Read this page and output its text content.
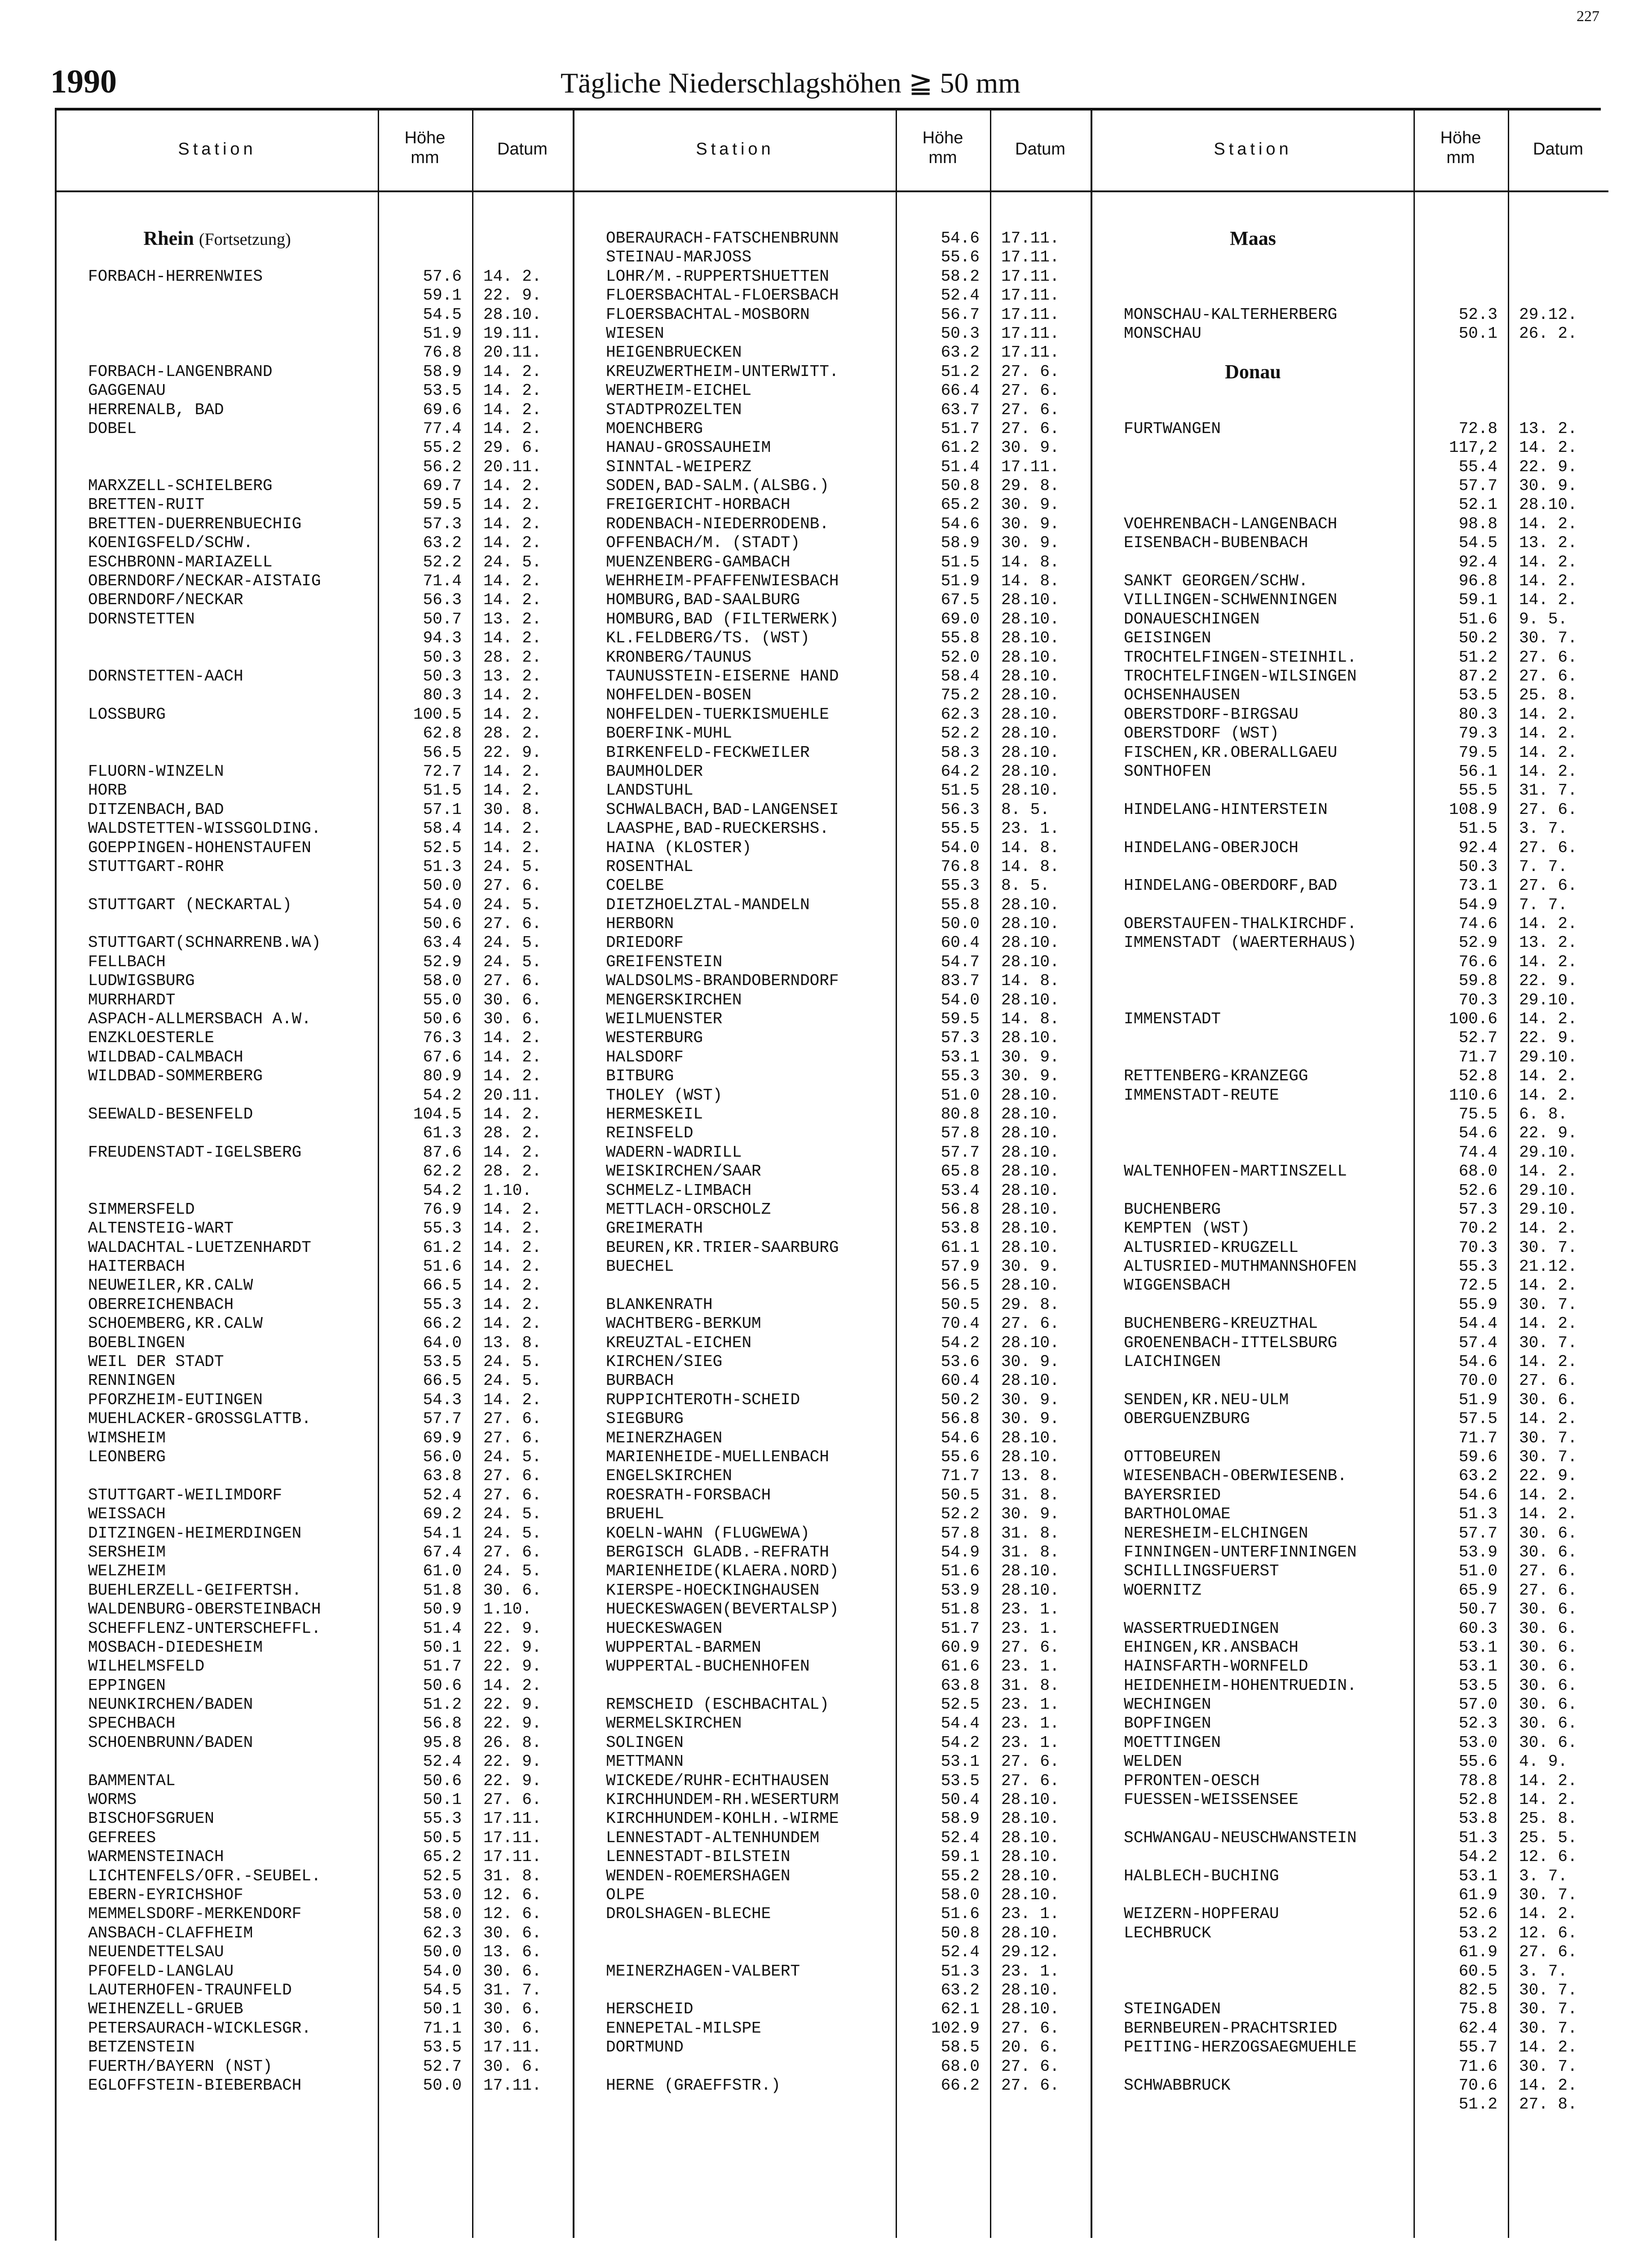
227
1990	Tägliche Niederschlagshöhen ≧ 50 mm
Station
Höhe
mm	Datum
Rhein (Fortsetzung)
FORBACH-HERRENWIES	57.6 14. 2.
59.1 22. 9.
54.5 28.10.
51.9 19.11.
76.8 20.11.
FORBACH-LANGENBRAND	58.9 14. 2.
GAGGENAU	53.5 14. 2.
HERRENALB, BAD	69.6 14. 2.
DOBEL	77.4 14. 2.
55.2 29. 6.
56.2 20.11.
MARXZELL-SCHIELBERG	69.7 14. 2.
BRETTEN-RUIT	59.5 14. 2.
BRETTEN-DUERRENBUECHIG	57.3 14. 2.
KOENIGSFELD/SCHW.	63.2 14. 2.
ESCHBRONN-MARIAZELL	52.2 24. 5.
OBERNDORF/NECKAR-AISTAIG	71.4 14. 2.
OBERNDORF/NECKAR	56.3 14. 2.
DORNSTETTEN	50.7 13. 2.
94.3 14. 2.
50.3 28. 2.
DORNSTETTEN-AACH	50.3 13. 2.
80.3 14. 2.
LOSSBURG	100.5 14. 2.
62.8 28. 2.
56.5 22. 9.
FLUORN-WINZELN	72.7 14. 2.
HORB	51.5 14. 2.
DITZENBACH,BAD	57.1 30. 8.
WALDSTETTEN-WISSGOLDING.	58.4 14. 2.
GOEPPINGEN-HOHENSTAUFEN	52.5 14. 2.
STUTTGART-ROHR	51.3 24. 5.
50.0 27. 6.
STUTTGART (NECKARTAL)	54.0 24. 5.
50.6 27. 6.
STUTTGART(SCHNARRENB.WA)	63.4 24. 5.
FELLBACH	52.9 24. 5.
LUDWIGSBURG	58.0 27. 6.
MURRHARDT	55.0 30. 6.
ASPACH-ALLMERSBACH A.W.	50.6 30. 6.
ENZKLOESTERLE	76.3 14. 2.
WILDBAD-CALMBACH	67.6 14. 2.
WILDBAD-SOMMERBERG	80.9 14. 2.
54.2 20.11.
SEEWALD-BESENFELD	104.5 14. 2.
61.3 28. 2.
FREUDENSTADT-IGELSBERG	87.6 14. 2.
62.2 28. 2.
54.2 1.10.
SIMMERSFELD	76.9 14. 2.
ALTENSTEIG-WART	55.3 14. 2.
WALDACHTAL-LUETZENHARDT	61.2 14. 2.
HAITERBACH	51.6 14. 2.
NEUWEILER,KR.CALW	66.5 14. 2.
OBERREICHENBACH	55.3 14. 2.
SCHOEMBERG,KR.CALW	66.2 14. 2.
BOEBLINGEN	64.0 13. 8.
WEIL DER STADT	53.5 24. 5.
RENNINGEN	66.5 24. 5.
PFORZHEIM-EUTINGEN	54.3 14. 2.
MUEHLACKER-GROSSGLATTB.	57.7 27. 6.
WIMSHEIM	69.9 27. 6.
LEONBERG	56.0 24. 5.
63.8 27. 6.
STUTTGART-WEILIMDORF	52.4 27. 6.
WEISSACH	69.2 24. 5.
DITZINGEN-HEIMERDINGEN	54.1 24. 5.
SERSHEIM	67.4 27. 6.
WELZHEIM	61.0 24. 5.
BUEHLERZELL-GEIFERTSH.	51.8 30. 6.
WALDENBURG-OBERSTEINBACH	50.9 1.10.
SCHEFFLENZ-UNTERSCHEFFL.	51.4 22. 9.
MOSBACH-DIEDESHEIM	50.1 22. 9.
WILHELMSFELD	51.7 22. 9.
EPPINGEN	50.6 14. 2.
NEUNKIRCHEN/BADEN	51.2 22. 9.
SPECHBACH	56.8 22. 9.
SCHOENBRUNN/BADEN	95.8 26. 8.
52.4 22. 9.
BAMMENTAL	50.6 22. 9.
WORMS	50.1 27. 6.
BISCHOFSGRUEN	55.3 17.11.
GEFREES	50.5 17.11.
WARMENSTEINACH	65.2 17.11.
LICHTENFELS/OFR.-SEUBEL.	52.5 31. 8.
EBERN-EYRICHSHOF	53.0 12. 6.
MEMMELSDORF-MERKENDORF	58.0 12. 6.
ANSBACH-CLAFFHEIM	62.3 30. 6.
NEUENDETTELSAU	50.0 13. 6.
PFOFELD-LANGLAU	54.0 30. 6.
LAUTERHOFEN-TRAUNFELD	54.5 31. 7.
WEIHENZELL-GRUEB	50.1 30. 6.
PETERSAURACH-WICKLESGR.	71.1 30. 6.
BETZENSTEIN	53.5 17.11.
FUERTH/BAYERN (NST)	52.7 30. 6.
EGLOFFSTEIN-BIEBERBACH	50.0 17.11.
Station
Höhe
mm	Datum
OBERAURACH-FATSCHENBRUNN	54.6 17.11.
STEINAU-MARJOSS	55.6 17.11.
LOHR/M.-RUPPERTSHUETTEN	58.2 17.11.
FLOERSBACHTAL-FLOERSBACH	52.4 17.11.
FLOERSBACHTAL-MOSBORN	56.7 17.11.
WIESEN	50.3 17.11.
HEIGENBRUECKEN	63.2 17.11.
KREUZWERTHEIM-UNTERWITT.	51.2 27. 6.
WERTHEIM-EICHEL	66.4 27. 6.
STADTPROZELTEN	63.7 27. 6.
MOENCHBERG	51.7 27. 6.
HANAU-GROSSAUHEIM	61.2 30. 9.
SINNTAL-WEIPERZ	51.4 17.11.
SODEN,BAD-SALM.(ALSBG.)	50.8 29. 8.
FREIGERICHT-HORBACH	65.2 30. 9.
RODENBACH-NIEDERRODENB.	54.6 30. 9.
OFFENBACH/M. (STADT)	58.9 30. 9.
MUENZENBERG-GAMBACH	51.5 14. 8.
WEHRHEIM-PFAFFENWIESBACH	51.9 14. 8.
HOMBURG,BAD-SAALBURG	67.5 28.10.
HOMBURG,BAD (FILTERWERK)	69.0 28.10.
KL.FELDBERG/TS. (WST)	55.8 28.10.
KRONBERG/TAUNUS	52.0 28.10.
TAUNUSSTEIN-EISERNE HAND	58.4 28.10.
NOHFELDEN-BOSEN	75.2 28.10.
NOHFELDEN-TUERKISMUEHLE	62.3 28.10.
BOERFINK-MUHL	52.2 28.10.
BIRKENFELD-FECKWEILER	58.3 28.10.
BAUMHOLDER	64.2 28.10.
LANDSTUHL	51.5 28.10.
SCHWALBACH,BAD-LANGENSEI	56.3 8. 5.
LAASPHE,BAD-RUECKERSHS.	55.5 23. 1.
HAINA (KLOSTER)	54.0 14. 8.
ROSENTHAL	76.8 14. 8.
COELBE	55.3 8. 5.
DIETZHOELZTAL-MANDELN	55.8 28.10.
HERBORN	50.0 28.10.
DRIEDORF	60.4 28.10.
GREIFENSTEIN	54.7 28.10.
WALDSOLMS-BRANDOBERNDORF	83.7 14. 8.
MENGERSKIRCHEN	54.0 28.10.
WEILMUENSTER	59.5 14. 8.
WESTERBURG	57.3 28.10.
HALSDORF	53.1 30. 9.
BITBURG	55.3 30. 9.
THOLEY (WST)	51.0 28.10.
HERMESKEIL	80.8 28.10.
REINSFELD	57.8 28.10.
WADERN-WADRILL	57.7 28.10.
WEISKIRCHEN/SAAR	65.8 28.10.
SCHMELZ-LIMBACH	53.4 28.10.
METTLACH-ORSCHOLZ	56.8 28.10.
GREIMERATH	53.8 28.10.
BEUREN,KR.TRIER-SAARBURG	61.1 28.10.
BUECHEL	57.9 30. 9.
56.5 28.10.
BLANKENRATH	50.5 29. 8.
WACHTBERG-BERKUM	70.4 27. 6.
KREUZTAL-EICHEN	54.2 28.10.
KIRCHEN/SIEG	53.6 30. 9.
BURBACH	60.4 28.10.
RUPPICHTEROTH-SCHEID	50.2 30. 9.
SIEGBURG	56.8 30. 9.
MEINERZHAGEN	54.6 28.10.
MARIENHEIDE-MUELLENBACH	55.6 28.10.
ENGELSKIRCHEN	71.7 13. 8.
ROESRATH-FORSBACH	50.5 31. 8.
BRUEHL	52.2 30. 9.
KOELN-WAHN (FLUGWEWA)	57.8 31. 8.
BERGISCH GLADB.-REFRATH	54.9 31. 8.
MARIENHEIDE(KLAERA.NORD)	51.6 28.10.
KIERSPE-HOECKINGHAUSEN	53.9 28.10.
HUECKESWAGEN(BEVERTALSP)	51.8 23. 1.
HUECKESWAGEN	51.7 23. 1.
WUPPERTAL-BARMEN	60.9 27. 6.
WUPPERTAL-BUCHENHOFEN	61.6 23. 1.
63.8 31. 8.
REMSCHEID (ESCHBACHTAL)	52.5 23. 1.
WERMELSKIRCHEN	54.4 23. 1.
SOLINGEN	54.2 23. 1.
METTMANN	53.1 27. 6.
WICKEDE/RUHR-ECHTHAUSEN	53.5 27. 6.
KIRCHHUNDEM-RH.WESERTURM	50.4 28.10.
KIRCHHUNDEM-KOHLH.-WIRME	58.9 28.10.
LENNESTADT-ALTENHUNDEM	52.4 28.10.
LENNESTADT-BILSTEIN	59.1 28.10.
WENDEN-ROEMERSHAGEN	55.2 28.10.
OLPE	58.0 28.10.
DROLSHAGEN-BLECHE	51.6 23. 1.
50.8 28.10.
52.4 29.12.
MEINERZHAGEN-VALBERT	51.3 23. 1.
63.2 28.10.
HERSCHEID	62.1 28.10.
ENNEPETAL-MILSPE	102.9 27. 6.
DORTMUND	58.5 20. 6.
68.0 27. 6.
HERNE (GRAEFFSTR.)	66.2 27. 6.
Station
Höhe
mm	Datum
Maas
MONSCHAU-KALTERHERBERG	52.3 29.12.
MONSCHAU	50.1 26. 2.
Donau
FURTWANGEN	72.8 13. 2.
117,2 14. 2.
55.4 22. 9.
57.7 30. 9.
52.1 28.10.
VOEHRENBACH-LANGENBACH	98.8 14. 2.
EISENBACH-BUBENBACH	54.5 13. 2.
92.4 14. 2.
SANKT GEORGEN/SCHW.	96.8 14. 2.
VILLINGEN-SCHWENNINGEN	59.1 14. 2.
DONAUESCHINGEN	51.6 9. 5.
GEISINGEN	50.2 30. 7.
TROCHTELFINGEN-STEINHIL.	51.2 27. 6.
TROCHTELFINGEN-WILSINGEN	87.2 27. 6.
OCHSENHAUSEN	53.5 25. 8.
OBERSTDORF-BIRGSAU	80.3 14. 2.
OBERSTDORF (WST)	79.3 14. 2.
FISCHEN,KR.OBERALLGAEU	79.5 14. 2.
SONTHOFEN	56.1 14. 2.
55.5 31. 7.
HINDELANG-HINTERSTEIN	108.9 27. 6.
51.5 3. 7.
HINDELANG-OBERJOCH	92.4 27. 6.
50.3 7. 7.
HINDELANG-OBERDORF,BAD	73.1 27. 6.
54.9 7. 7.
OBERSTAUFEN-THALKIRCHDF.	74.6 14. 2.
IMMENSTADT (WAERTERHAUS)	52.9 13. 2.
76.6 14. 2.
59.8 22. 9.
70.3 29.10.
IMMENSTADT	100.6 14. 2.
52.7 22. 9.
71.7 29.10.
RETTENBERG-KRANZEGG	52.8 14. 2.
IMMENSTADT-REUTE	110.6 14. 2.
75.5 6. 8.
54.6 22. 9.
74.4 29.10.
WALTENHOFEN-MARTINSZELL	68.0 14. 2.
52.6 29.10.
BUCHENBERG	57.3 29.10.
KEMPTEN (WST)	70.2 14. 2.
ALTUSRIED-KRUGZELL	70.3 30. 7.
ALTUSRIED-MUTHMANNSHOFEN	55.3 21.12.
WIGGENSBACH	72.5 14. 2.
55.9 30. 7.
BUCHENBERG-KREUZTHAL	54.4 14. 2.
GROENENBACH-ITTELSBURG	57.4 30. 7.
LAICHINGEN	54.6 14. 2.
70.0 27. 6.
SENDEN,KR.NEU-ULM	51.9 30. 6.
OBERGUENZBURG	57.5 14. 2.
71.7 30. 7.
OTTOBEUREN	59.6 30. 7.
WIESENBACH-OBERWIESENB.	63.2 22. 9.
BAYERSRIED	54.6 14. 2.
BARTHOLOMAE	51.3 14. 2.
NERESHEIM-ELCHINGEN	57.7 30. 6.
FINNINGEN-UNTERFINNINGEN	53.9 30. 6.
SCHILLINGSFUERST	51.0 27. 6.
WOERNITZ	65.9 27. 6.
50.7 30. 6.
WASSERTRUEDINGEN	60.3 30. 6.
EHINGEN,KR.ANSBACH	53.1 30. 6.
HAINSFARTH-WORNFELD	53.1 30. 6.
HEIDENHEIM-HOHENTRUEDIN.	53.5 30. 6.
WECHINGEN	57.0 30. 6.
BOPFINGEN	52.3 30. 6.
MOETTINGEN	53.0 30. 6.
WELDEN	55.6 4. 9.
PFRONTEN-OESCH	78.8 14. 2.
FUESSEN-WEISSENSEE	52.8 14. 2.
53.8 25. 8.
SCHWANGAU-NEUSCHWANSTEIN	51.3 25. 5.
54.2 12. 6.
HALBLECH-BUCHING	53.1 3. 7.
61.9 30. 7.
WEIZERN-HOPFERAU	52.6 14. 2.
LECHBRUCK	53.2 12. 6.
61.9 27. 6.
60.5 3. 7.
82.5 30. 7.
STEINGADEN	75.8 30. 7.
BERNBEUREN-PRACHTSRIED	62.4 30. 7.
PEITING-HERZOGSAEGMUEHLE	55.7 14. 2.
71.6 30. 7.
SCHWABBRUCK	70.6 14. 2.
51.2 27. 8.
